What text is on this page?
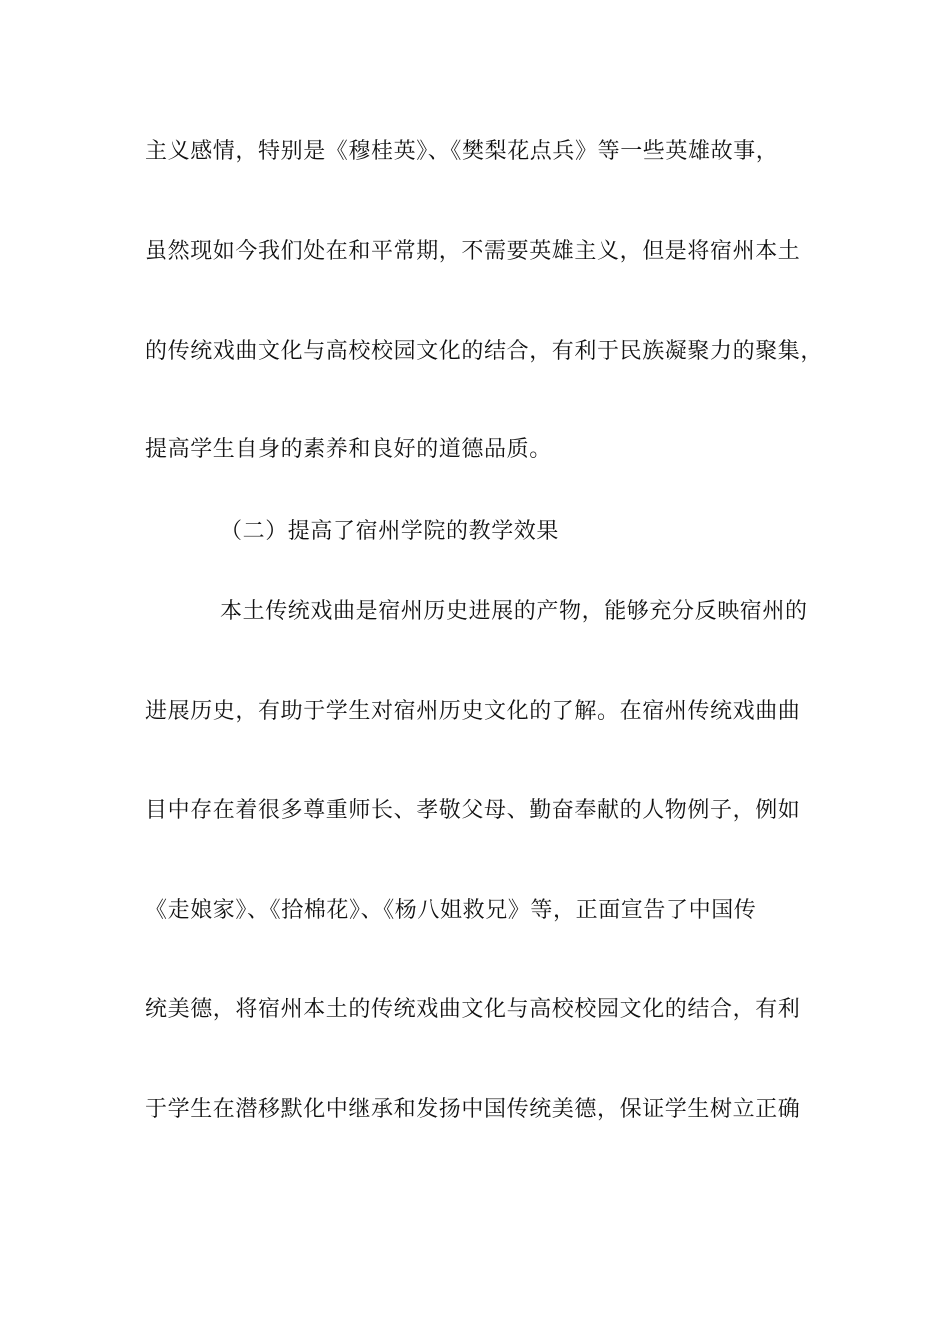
主义感情，特别是《穆桂英》、《樊梨花点兵》等一些英雄故事，
虽然现如今我们处在和平常期，不需要英雄主义，但是将宿州本土
的传统戏曲文化与高校校园文化的结合，有利于民族凝聚力的聚集，
提高学生自身的素养和良好的道德品质。
（二）提高了宿州学院的教学效果
本土传统戏曲是宿州历史进展的产物，能够充分反映宿州的
进展历史，有助于学生对宿州历史文化的了解。在宿州传统戏曲曲
目中存在着很多尊重师长、孝敬父母、勤奋奉献的人物例子，例如
《走娘家》、《拾棉花》、《杨八姐救兄》等，正面宣告了中国传
统美德，将宿州本土的传统戏曲文化与高校校园文化的结合，有利
于学生在潜移默化中继承和发扬中国传统美德，保证学生树立正确
